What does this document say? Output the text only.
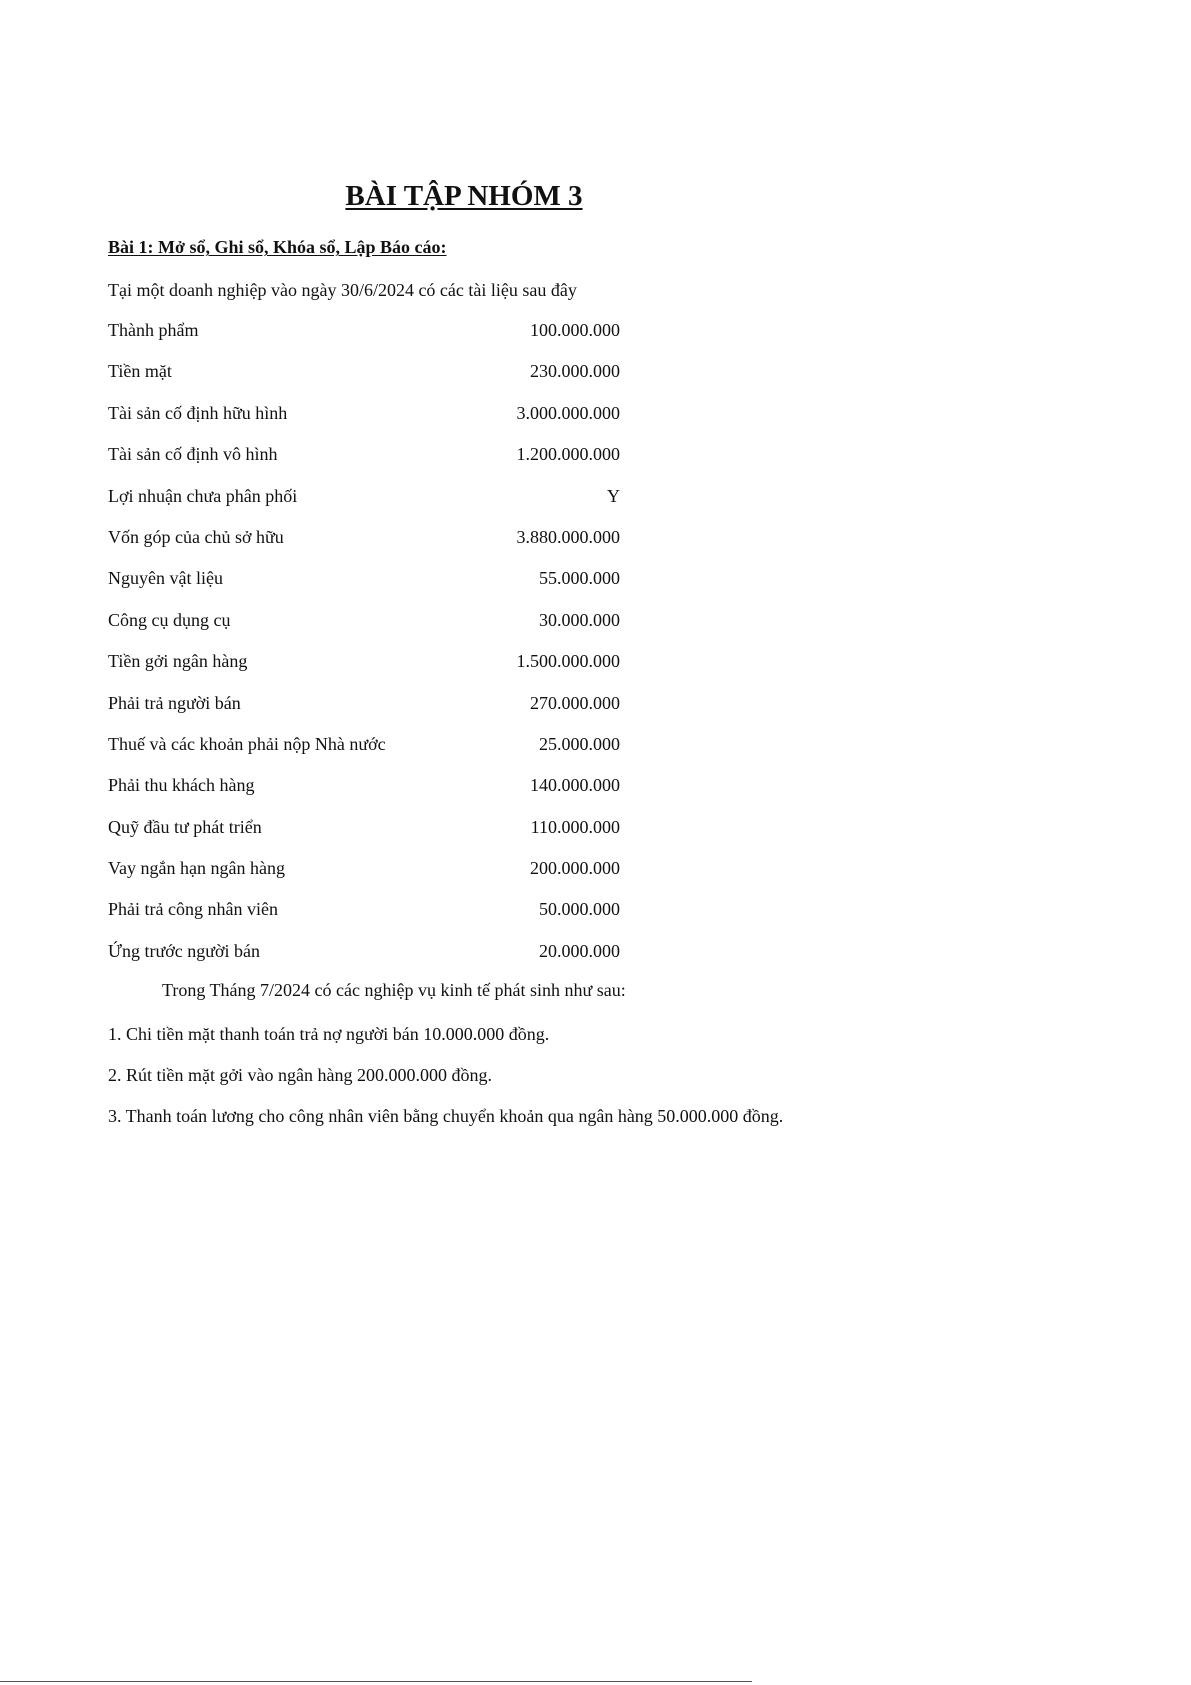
BÀI TẬP NHÓM 3
Bài 1: Mở sổ, Ghi sổ, Khóa sổ, Lập Báo cáo:
Tại một doanh nghiệp vào ngày 30/6/2024 có các tài liệu sau đây
Thành phẩm	100.000.000
Tiền mặt	230.000.000
Tài sản cố định hữu hình	3.000.000.000
Tài sản cố định vô hình	1.200.000.000
Lợi nhuận chưa phân phối	Y
Vốn góp của chủ sở hữu	3.880.000.000
Nguyên vật liệu	55.000.000
Công cụ dụng cụ	30.000.000
Tiền gởi ngân hàng	1.500.000.000
Phải trả người bán	270.000.000
Thuế và các khoản phải nộp Nhà nước	25.000.000
Phải thu khách hàng	140.000.000
Quỹ đầu tư phát triển	110.000.000
Vay ngắn hạn ngân hàng	200.000.000
Phải trả công nhân viên	50.000.000
Ứng trước người bán	20.000.000
Trong Tháng 7/2024 có các nghiệp vụ kinh tế phát sinh như sau:
1. Chi tiền mặt thanh toán trả nợ người bán 10.000.000 đồng.
2. Rút tiền mặt gởi vào ngân hàng 200.000.000 đồng.
3. Thanh toán lương cho công nhân viên bằng chuyển khoản qua ngân hàng 50.000.000 đồng.
